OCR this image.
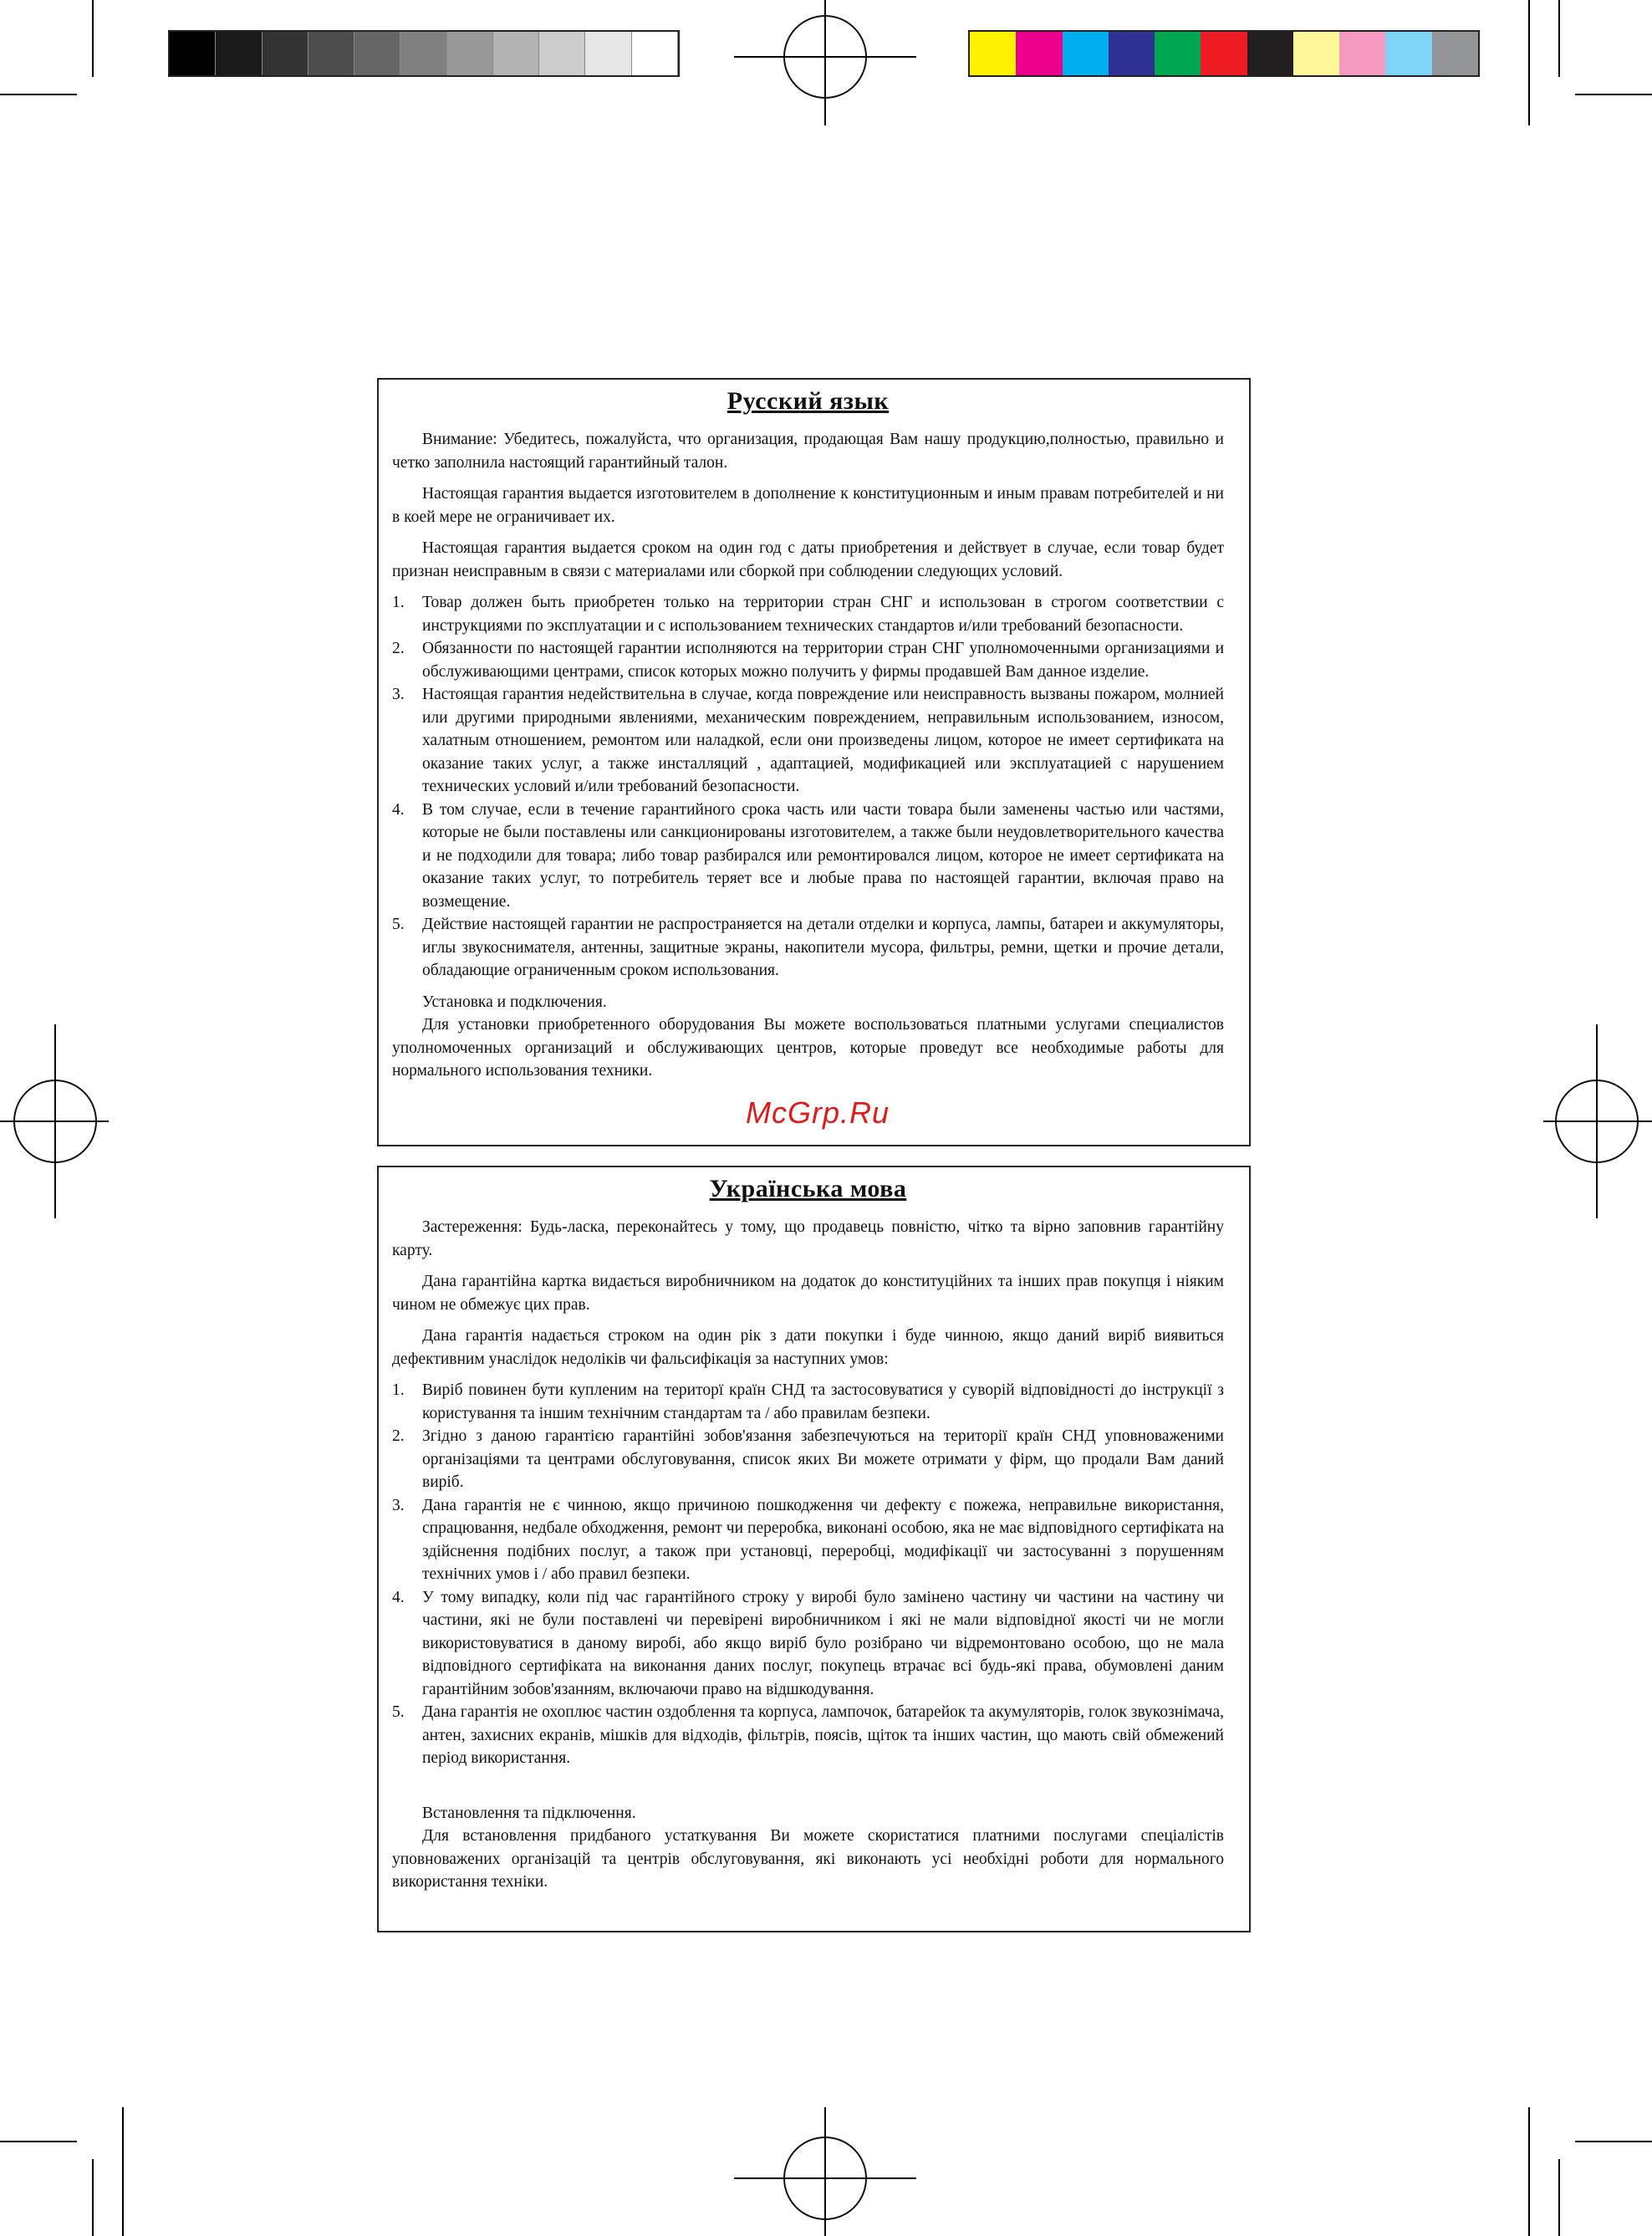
Русский язык

Внимание: Убедитесь, пожалуйста, что организация, продающая Вам нашу продукцию,полностью, правильно и четко заполнила настоящий гарантийный талон.

Настоящая гарантия выдается изготовителем в дополнение к конституционным и иным правам потребителей и ни в коей мере не ограничивает их.

Настоящая гарантия выдается сроком на один год с даты приобретения и действует в случае, если товар будет признан неисправным в связи с материалами или сборкой при соблюдении следующих условий.

1. Товар должен быть приобретен только на территории стран СНГ и использован в строгом соответствии с инструкциями по эксплуатации и с использованием технических стандартов и/или требований безопасности.
2. Обязанности по настоящей гарантии исполняются на территории стран СНГ уполномоченными организациями и обслуживающими центрами, список которых можно получить у фирмы продавшей Вам данное изделие.
3. Настоящая гарантия недействительна в случае, когда повреждение или неисправность вызваны пожаром, молнией или другими природными явлениями, механическим повреждением, неправильным использованием, износом, халатным отношением, ремонтом или наладкой, если они произведены лицом, которое не имеет сертификата на оказание таких услуг, а также инсталляций , адаптацией, модификацией или эксплуатацией с нарушением технических условий и/или требований безопасности.
4. В том случае, если в течение гарантийного срока часть или части товара были заменены частью или частями, которые не были поставлены или санкционированы изготовителем, а также были неудовлетворительного качества и не подходили для товара; либо товар разбирался или ремонтировался лицом, которое не имеет сертификата на оказание таких услуг, то потребитель теряет все и любые права по настоящей гарантии, включая право на возмещение.
5. Действие настоящей гарантии не распространяется на детали отделки и корпуса, лампы, батареи и аккумуляторы, иглы звукоснимателя, антенны, защитные экраны, накопители мусора, фильтры, ремни, щетки и прочие детали, обладающие ограниченным сроком использования.

Установка и подключения.

Для установки приобретенного оборудования Вы можете воспользоваться платными услугами специалистов уполномоченных организаций и обслуживающих центров, которые проведут все необходимые работы для нормального использования техники.

McGrp.Ru
Українська мова

Застереження: Будь-ласка, переконайтесь у тому, що продавець повністю, чітко та вірно заповнив гарантійну карту.

Дана гарантійна картка видається виробничником на додаток до конституційних та інших прав покупця і ніяким чином не обмежує цих прав.

Дана гарантія надається строком на один рік з дати покупки і буде чинною, якщо даний виріб виявиться дефективним унаслідок недоліків чи фальсифікація за наступних умов:

1. Виріб повинен бути купленим на територї країн СНД та застосовуватися у суворій відповідності до інструкції з користування та іншим технічним стандартам та / або правилам безпеки.
2. Згідно з даною гарантією гарантійні зобов'язання забезпечуються на території країн СНД уповноваженими організаціями та центрами обслуговування, список яких Ви можете отримати у фірм, що продали Вам даний виріб.
3. Дана гарантія не є чинною, якщо причиною пошкодження чи дефекту є пожежа, неправильне використання, спрацювання, недбале обходження, ремонт чи переробка, виконані особою, яка не має відповідного сертифіката на здійснення подібних послуг, а також при установці, переробці, модифікації чи застосуванні з порушенням технічних умов і / або правил безпеки.
4. У тому випадку, коли під час гарантійного строку у виробі було замінено частину чи частини на частину чи частини, які не були поставлені чи перевірені виробничником і які не мали відповідної якості чи не могли використовуватися в даному виробі, або якщо виріб було розібрано чи відремонтовано особою, що не мала відповідного сертифіката на виконання даних послуг, покупець втрачає всі будь-які права, обумовлені даним гарантійним зобов'язанням, включаючи право на відшкодування.
5. Дана гарантія не охоплює частин оздоблення та корпуса, лампочок, батарейок та акумуляторів, голок звукознімача, антен, захисних екранів, мішків для відходів, фільтрів, поясів, щіток та інших частин, що мають свій обмежений період використання.

Встановлення та підключення.

Для встановлення придбаного устаткування Ви можете скористатися платними послугами спеціалістів уповноважених організацій та центрів обслуговування, які виконають усі необхідні роботи для нормального використання техніки.
